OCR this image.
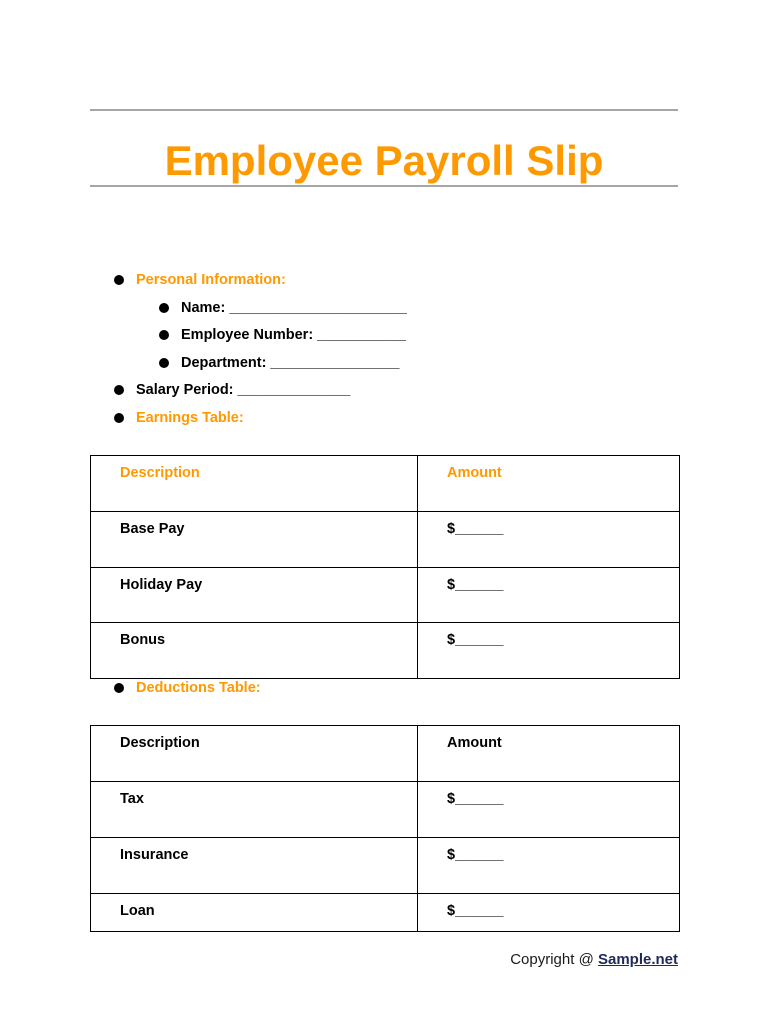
Employee Payroll Slip
Personal Information:
Name: ______________________
Employee Number: ___________
Department: ________________
Salary Period: ______________
Earnings Table:
Description	Amount
Base Pay	$______
Holiday Pay	$______
Bonus	$______
Deductions Table:
Description	Amount
Tax	$______
Insurance	$______
Loan	$______
Copyright @ Sample.net
